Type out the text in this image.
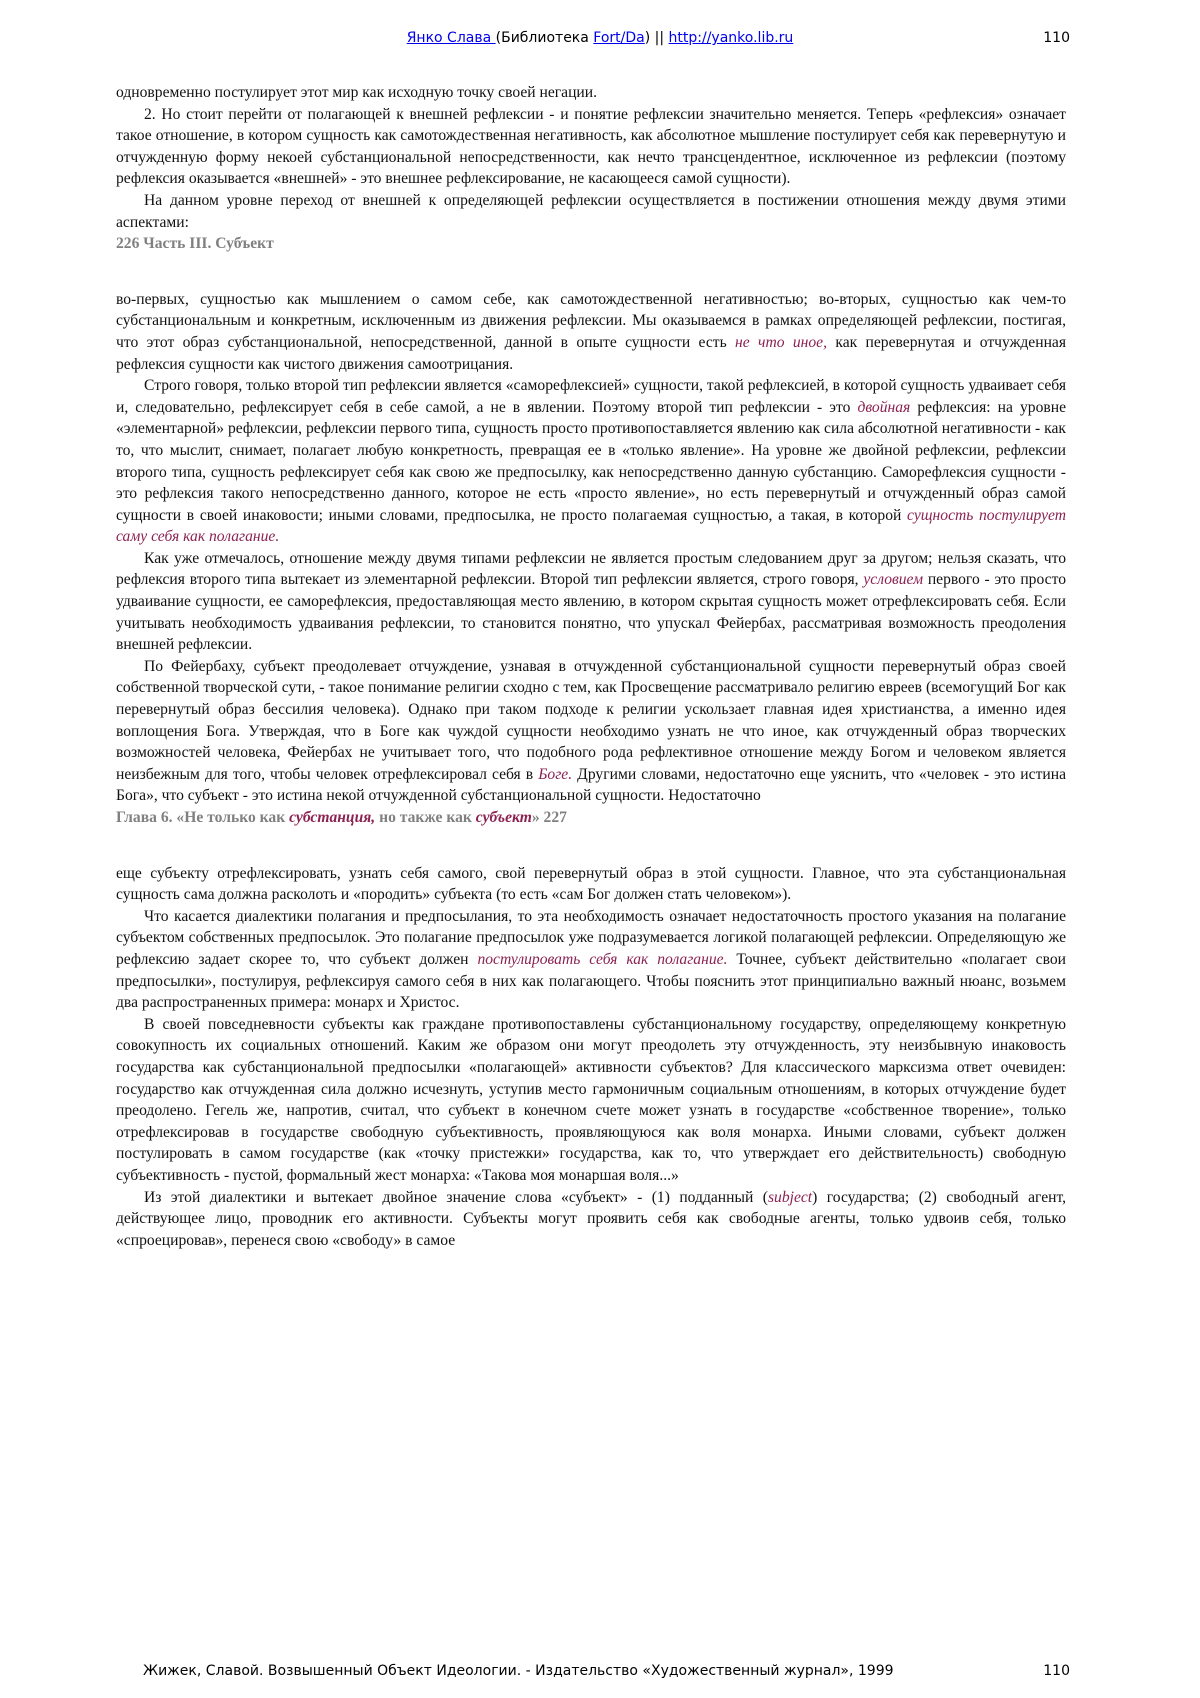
Янко Слава (Библиотека Fort/Da) || http://yanko.lib.ru	110

одновременно постулирует этот мир как исходную точку своей негации.

2. Но стоит перейти от полагающей к внешней рефлексии - и понятие рефлексии значительно меняется. Теперь «рефлексия» означает такое отношение, в котором сущность как самотождественная негативность, как абсолютное мышление постулирует себя как перевернутую и отчужденную форму некоей субстанциональной непосредственности, как нечто трансцендентное, исключенное из рефлексии (поэтому рефлексия оказывается «внешней» - это внешнее рефлексирование, не касающееся самой сущности).

На данном уровне переход от внешней к определяющей рефлексии осуществляется в постижении отношения между двумя этими аспектами:

226 Часть III. Субъект

во-первых, сущностью как мышлением о самом себе, как самотождественной негативностью; во-вторых, сущностью как чем-то субстанциональным и конкретным, исключенным из движения рефлексии. Мы оказываемся в рамках определяющей рефлексии, постигая, что этот образ субстанциональной, непосредственной, данной в опыте сущности есть не что иное, как перевернутая и отчужденная рефлексия сущности как чистого движения самоотрицания.

Строго говоря, только второй тип рефлексии является «саморефлексией» сущности, такой рефлексией, в которой сущность удваивает себя и, следовательно, рефлексирует себя в себе самой, а не в явлении. Поэтому второй тип рефлексии - это двойная рефлексия: на уровне «элементарной» рефлексии, рефлексии первого типа, сущность просто противопоставляется явлению как сила абсолютной негативности - как то, что мыслит, снимает, полагает любую конкретность, превращая ее в «только явление». На уровне же двойной рефлексии, рефлексии второго типа, сущность рефлексирует себя как свою же предпосылку, как непосредственно данную субстанцию. Саморефлексия сущности - это рефлексия такого непосредственно данного, которое не есть «просто явление», но есть перевернутый и отчужденный образ самой сущности в своей инаковости; иными словами, предпосылка, не просто полагаемая сущностью, а такая, в которой сущность постулирует саму себя как полагание.

Как уже отмечалось, отношение между двумя типами рефлексии не является простым следованием друг за другом; нельзя сказать, что рефлексия второго типа вытекает из элементарной рефлексии. Второй тип рефлексии является, строго говоря, условием первого - это просто удваивание сущности, ее саморефлексия, предоставляющая место явлению, в котором скрытая сущность может отрефлексировать себя. Если учитывать необходимость удваивания рефлексии, то становится понятно, что упускал Фейербах, рассматривая возможность преодоления внешней рефлексии.

По Фейербаху, субъект преодолевает отчуждение, узнавая в отчужденной субстанциональной сущности перевернутый образ своей собственной творческой сути, - такое понимание религии сходно с тем, как Просвещение рассматривало религию евреев (всемогущий Бог как перевернутый образ бессилия человека). Однако при таком подходе к религии ускользает главная идея христианства, а именно идея воплощения Бога. Утверждая, что в Боге как чуждой сущности необходимо узнать не что иное, как отчужденный образ творческих возможностей человека, Фейербах не учитывает того, что подобного рода рефлективное отношение между Богом и человеком является неизбежным для того, чтобы человек отрефлексировал себя в Боге. Другими словами, недостаточно еще уяснить, что «человек - это истина Бога», что субъект - это истина некой отчужденной субстанциональной сущности. Недостаточно

Глава 6. «Не только как субстанция, но также как субъект» 227

еще субъекту отрефлексировать, узнать себя самого, свой перевернутый образ в этой сущности. Главное, что эта субстанциональная сущность сама должна расколоть и «породить» субъекта (то есть «сам Бог должен стать человеком»).

Что касается диалектики полагания и предпосылания, то эта необходимость означает недостаточность простого указания на полагание субъектом собственных предпосылок. Это полагание предпосылок уже подразумевается логикой полагающей рефлексии. Определяющую же рефлексию задает скорее то, что субъект должен постулировать себя как полагание. Точнее, субъект действительно «полагает свои предпосылки», постулируя, рефлексируя самого себя в них как полагающего. Чтобы пояснить этот принципиально важный нюанс, возьмем два распространенных примера: монарх и Христос.

В своей повседневности субъекты как граждане противопоставлены субстанциональному государству, определяющему конкретную совокупность их социальных отношений. Каким же образом они могут преодолеть эту отчужденность, эту неизбывную инаковость государства как субстанциональной предпосылки «полагающей» активности субъектов? Для классического марксизма ответ очевиден: государство как отчужденная сила должно исчезнуть, уступив место гармоничным социальным отношениям, в которых отчуждение будет преодолено. Гегель же, напротив, считал, что субъект в конечном счете может узнать в государстве «собственное творение», только отрефлексировав в государстве свободную субъективность, проявляющуюся как воля монарха. Иными словами, субъект должен постулировать в самом государстве (как «точку пристежки» государства, как то, что утверждает его действительность) свободную субъективность - пустой, формальный жест монарха: «Такова моя монаршая воля...»

Из этой диалектики и вытекает двойное значение слова «субъект» - (1) подданный (subject) государства; (2) свободный агент, действующее лицо, проводник его активности. Субъекты могут проявить себя как свободные агенты, только удвоив себя, только «спроецировав», перенеся свою «свободу» в самое

Жижек, Славой. Возвышенный Объект Идеологии. - Издательство «Художественный журнал», 1999	110
